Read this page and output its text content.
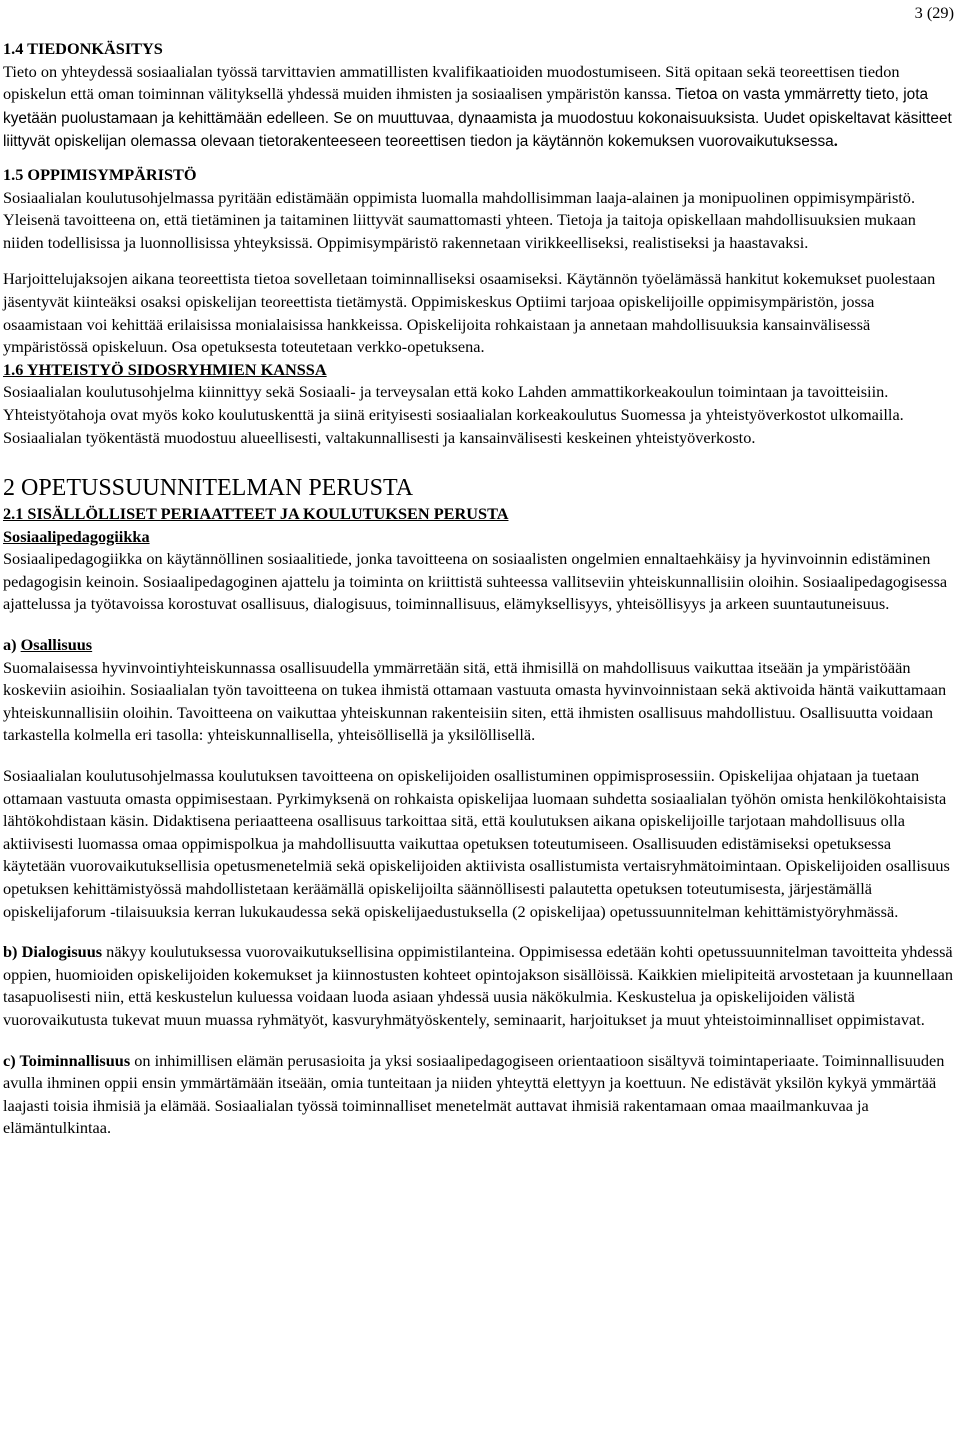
3 (29)

1.4 TIEDONKÄSITYS

Tieto on yhteydessä sosiaalialan työssä tarvittavien ammatillisten kvalifikaatioiden muodostumiseen. Sitä opitaan sekä teoreettisen tiedon opiskelun että oman toiminnan välityksellä yhdessä muiden ihmisten ja sosiaalisen ympäristön kanssa. Tietoa on vasta ymmärretty tieto, jota kyetään puolustamaan ja kehittämään edelleen. Se on muuttuvaa, dynaamista ja muodostuu kokonaisuuksista. Uudet opiskeltavat käsitteet liittyvät opiskelijan olemassa olevaan tietorakenteeseen teoreettisen tiedon ja käytännön kokemuksen vuorovaikutuksessa.

1.5 OPPIMISYMPÄRISTÖ

Sosiaalialan koulutusohjelmassa pyritään edistämään oppimista luomalla mahdollisimman laaja-alainen ja monipuolinen oppimisympäristö. Yleisenä tavoitteena on, että tietäminen ja taitaminen liittyvät saumattomasti yhteen. Tietoja ja taitoja opiskellaan mahdollisuuksien mukaan niiden todellisissa ja luonnollisissa yhteyksissä. Oppimisympäristö rakennetaan virikkeelliseksi, realistiseksi ja haastavaksi.

Harjoittelujaksojen aikana teoreettista tietoa sovelletaan toiminnalliseksi osaamiseksi. Käytännön työelämässä hankitut kokemukset puolestaan jäsentyvät kiinteäksi osaksi opiskelijan teoreettista tietämystä. Oppimiskeskus Optiimi tarjoaa opiskelijoille oppimisympäristön, jossa osaamistaan voi kehittää erilaisissa monialaisissa hankkeissa. Opiskelijoita rohkaistaan ja annetaan mahdollisuuksia kansainvälisessä ympäristössä opiskeluun. Osa opetuksesta toteutetaan verkko-opetuksena.

1.6 YHTEISTYÖ SIDOSRYHMIEN KANSSA

Sosiaalialan koulutusohjelma kiinnittyy sekä Sosiaali- ja terveysalan että koko Lahden ammattikorkeakoulun toimintaan ja tavoitteisiin. Yhteistyötahoja ovat myös koko koulutuskenttä ja siinä erityisesti sosiaalialan korkeakoulutus Suomessa ja yhteistyöverkostot ulkomailla. Sosiaalialan työkentästä muodostuu alueellisesti, valtakunnallisesti ja kansainvälisesti keskeinen yhteistyöverkosto.

2 OPETUSSUUNNITELMAN PERUSTA

2.1 SISÄLLÖLLISET PERIAATTEET JA KOULUTUKSEN PERUSTA

Sosiaalipedagogiikka

Sosiaalipedagogiikka on käytännöllinen sosiaalitiede, jonka tavoitteena on sosiaalisten ongelmien ennaltaehkäisy ja hyvinvoinnin edistäminen pedagogisin keinoin. Sosiaalipedagoginen ajattelu ja toiminta on kriittistä suhteessa vallitseviin yhteiskunnallisiin oloihin. Sosiaalipedagogisessa ajattelussa ja työtavoissa korostuvat osallisuus, dialogisuus, toiminnallisuus, elämyksellisyys, yhteisöllisyys ja arkeen suuntautuneisuus.

a) Osallisuus

Suomalaisessa hyvinvointiyhteiskunnassa osallisuudella ymmärretään sitä, että ihmisillä on mahdollisuus vaikuttaa itseään ja ympäristöään koskeviin asioihin. Sosiaalialan työn tavoitteena on tukea ihmistä ottamaan vastuuta omasta hyvinvoinnistaan sekä aktivoida häntä vaikuttamaan yhteiskunnallisiin oloihin. Tavoitteena on vaikuttaa yhteiskunnan rakenteisiin siten, että ihmisten osallisuus mahdollistuu. Osallisuutta voidaan tarkastella kolmella eri tasolla: yhteiskunnallisella, yhteisöllisellä ja yksilöllisellä.

Sosiaalialan koulutusohjelmassa koulutuksen tavoitteena on opiskelijoiden osallistuminen oppimisprosessiin. Opiskelijaa ohjataan ja tuetaan ottamaan vastuuta omasta oppimisestaan. Pyrkimyksenä on rohkaista opiskelijaa luomaan suhdetta sosiaalialan työhön omista henkilökohtaisista lähtökohdistaan käsin. Didaktisena periaatteena osallisuus tarkoittaa sitä, että koulutuksen aikana opiskelijoille tarjotaan mahdollisuus olla aktiivisesti luomassa omaa oppimispolkua ja mahdollisuutta vaikuttaa opetuksen toteutumiseen. Osallisuuden edistämiseksi opetuksessa käytetään vuorovaikutuksellisia opetusmenetelmiä sekä opiskelijoiden aktiivista osallistumista vertaisryhmätoimintaan. Opiskelijoiden osallisuus opetuksen kehittämistyössä mahdollistetaan keräämällä opiskelijoilta säännöllisesti palautetta opetuksen toteutumisesta, järjestämällä opiskelijaforum -tilaisuuksia kerran lukukaudessa sekä opiskelijaedustuksella (2 opiskelijaa) opetussuunnitelman kehittämistyöryhmässä.

b) Dialogisuus näkyy koulutuksessa vuorovaikutuksellisina oppimistilanteina. Oppimisessa edetään kohti opetussuunnitelman tavoitteita yhdessä oppien, huomioiden opiskelijoiden kokemukset ja kiinnostusten kohteet opintojakson sisällöissä. Kaikkien mielipiteitä arvostetaan ja kuunnellaan tasapuolisesti niin, että keskustelun kuluessa voidaan luoda asiaan yhdessä uusia näkökulmia. Keskustelua ja opiskelijoiden välistä vuorovaikutusta tukevat muun muassa ryhmätyöt, kasvuryhmätyöskentely, seminaarit, harjoitukset ja muut yhteistoiminnalliset oppimistavat.

c) Toiminnallisuus on inhimillisen elämän perusasioita ja yksi sosiaalipedagogiseen orientaatioon sisältyvä toimintaperiaate. Toiminnallisuuden avulla ihminen oppii ensin ymmärtämään itseään, omia tunteitaan ja niiden yhteyttä elettyyn ja koettuun. Ne edistävät yksilön kykyä ymmärtää laajasti toisia ihmisiä ja elämää. Sosiaalialan työssä toiminnalliset menetelmät auttavat ihmisiä rakentamaan omaa maailmankuvaa ja elämäntulkintaa.
